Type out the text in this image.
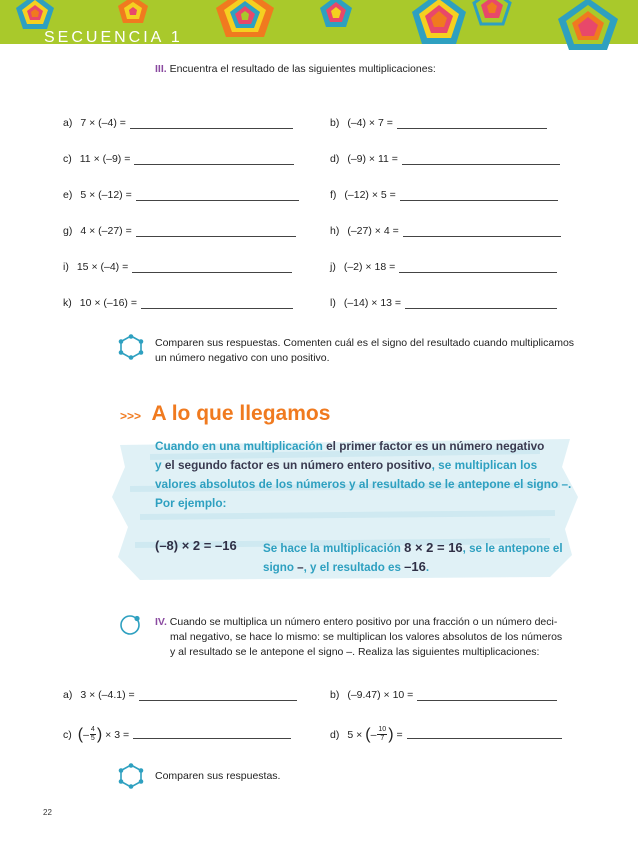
SECUENCIA 1
III. Encuentra el resultado de las siguientes multiplicaciones:
a) 7 × (–4) =	b) (–4) × 7 =
c) 11 × (–9) =	d) (–9) × 11 =
e) 5 × (–12) =	f) (–12) × 5 =
g) 4 × (–27) =	h) (–27) × 4 =
i) 15 × (–4) =	j) (–2) × 18 =
k) 10 × (–16) =	l) (–14) × 13 =
Comparen sus respuestas. Comenten cuál es el signo del resultado cuando multiplicamos
un número negativo con uno positivo.
>>> A lo que llegamos
Cuando en una multiplicación el primer factor es un número negativo
y el segundo factor es un número entero positivo, se multiplican los valores absolutos de los números y al resultado se le antepone el signo –. Por ejemplo:
(–8) × 2 = –16 Se hace la multiplicación 8 × 2 = 16, se le antepone el signo –, y el resultado es –16.
IV. Cuando se multiplica un número entero positivo por una fracción o un número deci-
mal negativo, se hace lo mismo: se multiplican los valores absolutos de los números
y al resultado se le antepone el signo –. Realiza las siguientes multiplicaciones:
a) 3 × (–4.1) =	b) (–9.47) × 10 =
c) ( – $\frac{4}{5}$ ) × 3 =	d) 5 × ( – $\frac{10}{7}$ ) =
Comparen sus respuestas.
22
